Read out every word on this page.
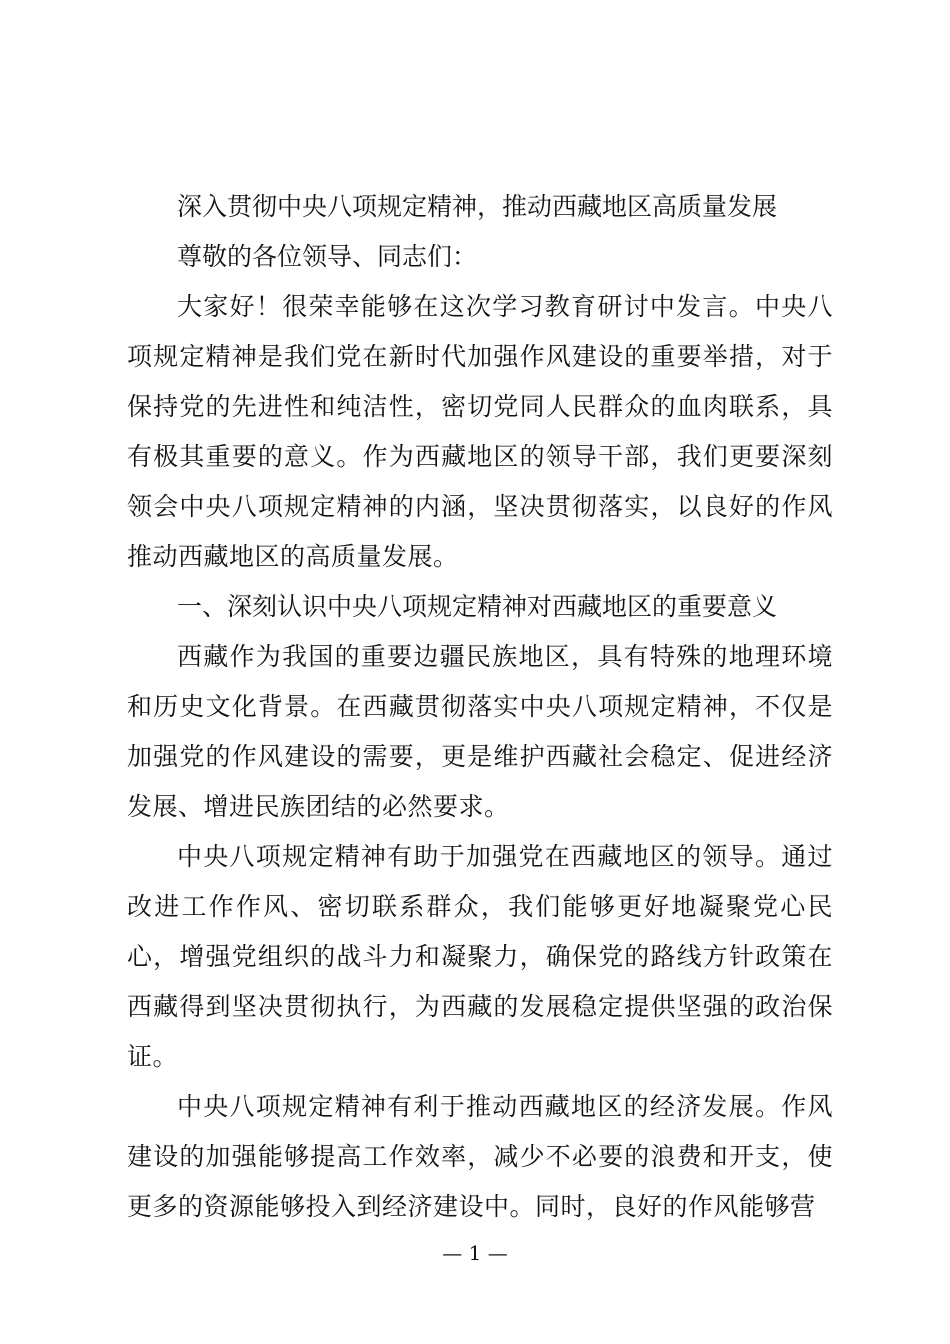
深入贯彻中央八项规定精神，推动西藏地区高质量发展
尊敬的各位领导、同志们：

大家好！很荣幸能够在这次学习教育研讨中发言。中央八项规定精神是我们党在新时代加强作风建设的重要举措，对于保持党的先进性和纯洁性，密切党同人民群众的血肉联系，具有极其重要的意义。作为西藏地区的领导干部，我们更要深刻领会中央八项规定精神的内涵，坚决贯彻落实，以良好的作风推动西藏地区的高质量发展。

一、深刻认识中央八项规定精神对西藏地区的重要意义

西藏作为我国的重要边疆民族地区，具有特殊的地理环境和历史文化背景。在西藏贯彻落实中央八项规定精神，不仅是加强党的作风建设的需要，更是维护西藏社会稳定、促进经济发展、增进民族团结的必然要求。

中央八项规定精神有助于加强党在西藏地区的领导。通过改进工作作风、密切联系群众，我们能够更好地凝聚党心民心，增强党组织的战斗力和凝聚力，确保党的路线方针政策在西藏得到坚决贯彻执行，为西藏的发展稳定提供坚强的政治保证。

中央八项规定精神有利于推动西藏地区的经济发展。作风建设的加强能够提高工作效率，减少不必要的浪费和开支，使更多的资源能够投入到经济建设中。同时，良好的作风能够营

— 1 —
